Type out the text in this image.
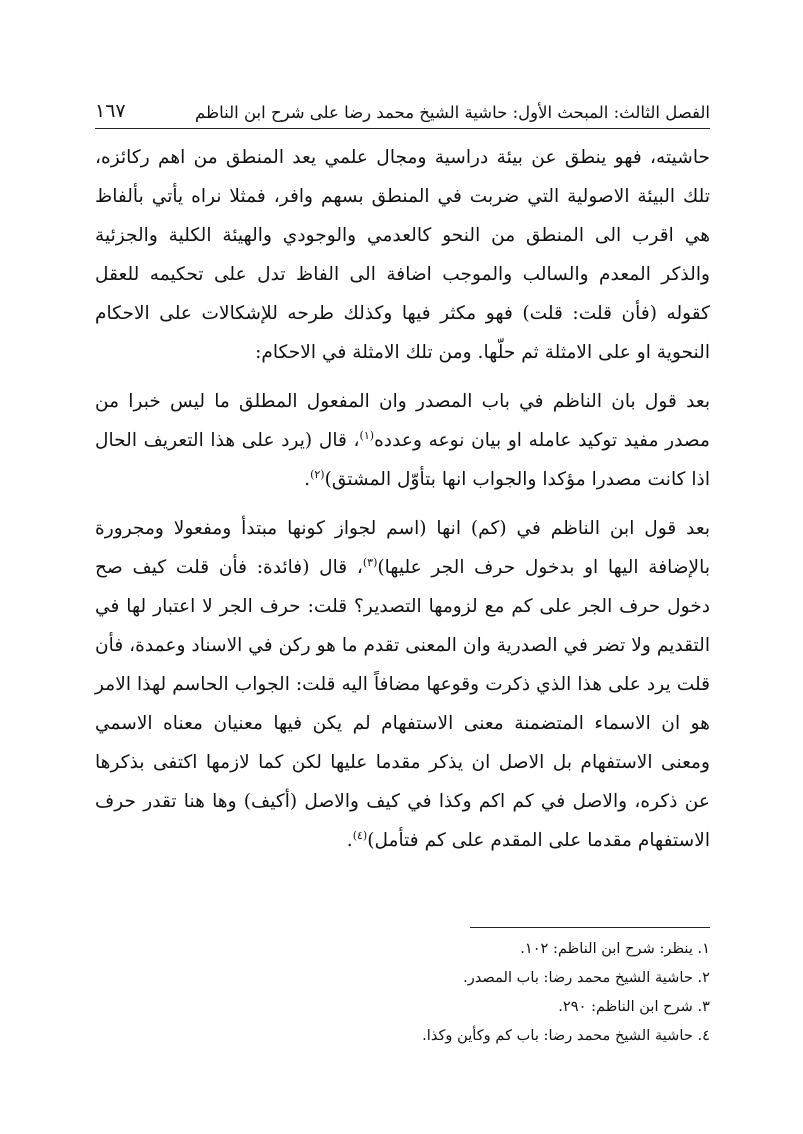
الفصل الثالث: المبحث الأول: حاشية الشيخ محمد رضا على شرح ابن الناظم
١٦٧

حاشيته، فهو ينطق عن بيئة دراسية ومجال علمي يعد المنطق من اهم ركائزه، تلك البيئة الاصولية التي ضربت في المنطق بسهم وافر، فمثلا نراه يأتي بألفاظ هي اقرب الى المنطق من النحو كالعدمي والوجودي والهيئة الكلية والجزئية والذكر المعدم والسالب والموجب اضافة الى الفاظ تدل على تحكيمه للعقل كقوله (فأن قلت: قلت) فهو مكثر فيها وكذلك طرحه للإشكالات على الاحكام النحوية او على الامثلة ثم حلّها. ومن تلك الامثلة في الاحكام:

بعد قول بان الناظم في باب المصدر وان المفعول المطلق ما ليس خبرا من مصدر مفيد توكيد عامله او بيان نوعه وعدده$^{(١)}$، قال (يرد على هذا التعريف الحال اذا كانت مصدرا مؤكدا والجواب انها بتأوّل المشتق)$^{(٢)}$.

بعد قول ابن الناظم في (كم) انها (اسم لجواز كونها مبتدأ ومفعولا ومجرورة بالإضافة اليها او بدخول حرف الجر عليها)$^{(٣)}$، قال (فائدة: فأن قلت كيف صح دخول حرف الجر على كم مع لزومها التصدير؟ قلت: حرف الجر لا اعتبار لها في التقديم ولا تضر في الصدرية وان المعنى تقدم ما هو ركن في الاسناد وعمدة، فأن قلت يرد على هذا الذي ذكرت وقوعها مضافاً اليه قلت: الجواب الحاسم لهذا الامر هو ان الاسماء المتضمنة معنى الاستفهام لم يكن فيها معنيان معناه الاسمي ومعنى الاستفهام بل الاصل ان يذكر مقدما عليها لكن كما لازمها اكتفى بذكرها عن ذكره، والاصل في كم اكم وكذا في كيف والاصل (أكيف) وها هنا تقدر حرف الاستفهام مقدما على المقدم على كم فتأمل)$^{(٤)}$.

١. ينظر: شرح ابن الناظم: ١٠٢.
٢. حاشية الشيخ محمد رضا: باب المصدر.
٣. شرح ابن الناظم: ٢٩٠.
٤. حاشية الشيخ محمد رضا: باب كم وكأين وكذا.
